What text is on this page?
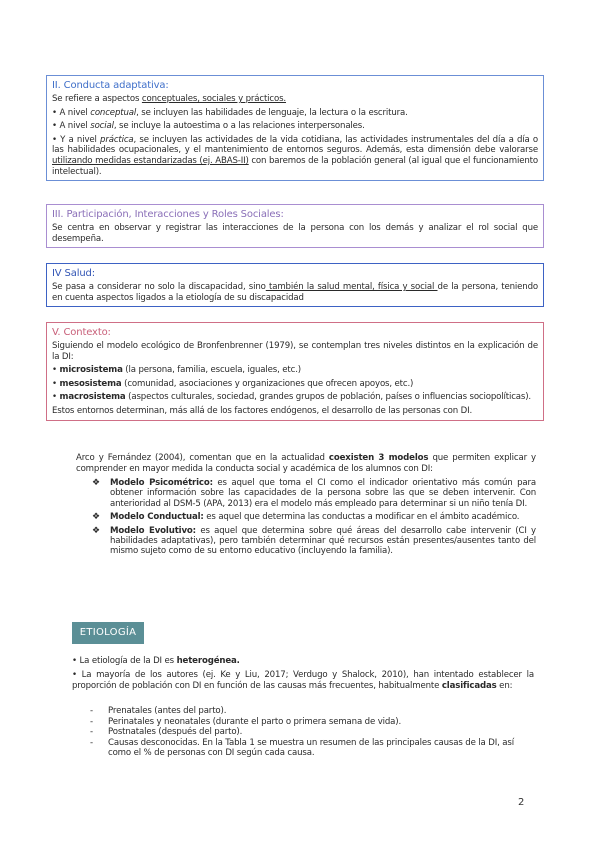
II. Conducta adaptativa:

Se refiere a aspectos conceptuales, sociales y prácticos.

• A nivel conceptual, se incluyen las habilidades de lenguaje, la lectura o la escritura.

• A nivel social, se incluye la autoestima o a las relaciones interpersonales.

• Y a nivel práctica, se incluyen las actividades de la vida cotidiana, las actividades instrumentales del día a día o las habilidades ocupacionales, y el mantenimiento de entornos seguros. Además, esta dimensión debe valorarse utilizando medidas estandarizadas (ej. ABAS-II) con baremos de la población general (al igual que el funcionamiento intelectual).

III. Participación, Interacciones y Roles Sociales:

Se centra en observar y registrar las interacciones de la persona con los demás y analizar el rol social que desempeña.

IV Salud:

Se pasa a considerar no solo la discapacidad, sino también la salud mental, física y social de la persona, teniendo en cuenta aspectos ligados a la etiología de su discapacidad

V. Contexto:

Siguiendo el modelo ecológico de Bronfenbrenner (1979), se contemplan tres niveles distintos en la explicación de la DI:

• microsistema (la persona, familia, escuela, iguales, etc.)

• mesosistema (comunidad, asociaciones y organizaciones que ofrecen apoyos, etc.)

• macrosistema (aspectos culturales, sociedad, grandes grupos de población, países o influencias sociopolíticas).

Estos entornos determinan, más allá de los factores endógenos, el desarrollo de las personas con DI.

Arco y Fernández (2004), comentan que en la actualidad coexisten 3 modelos que permiten explicar y comprender en mayor medida la conducta social y académica de los alumnos con DI:
❖ Modelo Psicométrico: es aquel que toma el CI como el indicador orientativo más común para obtener información sobre las capacidades de la persona sobre las que se deben intervenir. Con anterioridad al DSM-5 (APA, 2013) era el modelo más empleado para determinar si un niño tenía DI.
❖ Modelo Conductual: es aquel que determina las conductas a modificar en el ámbito académico.
❖ Modelo Evolutivo: es aquel que determina sobre qué áreas del desarrollo cabe intervenir (CI y habilidades adaptativas), pero también determinar qué recursos están presentes/ausentes tanto del mismo sujeto como de su entorno educativo (incluyendo la familia).
ETIOLOGÍA
• La etiología de la DI es heterogénea.
• La mayoría de los autores (ej. Ke y Liu, 2017; Verdugo y Shalock, 2010), han intentado establecer la proporción de población con DI en función de las causas más frecuentes, habitualmente clasificadas en:
- Prenatales (antes del parto).
- Perinatales y neonatales (durante el parto o primera semana de vida).
- Postnatales (después del parto).
- Causas desconocidas. En la Tabla 1 se muestra un resumen de las principales causas de la DI, así como el % de personas con DI según cada causa.
2
